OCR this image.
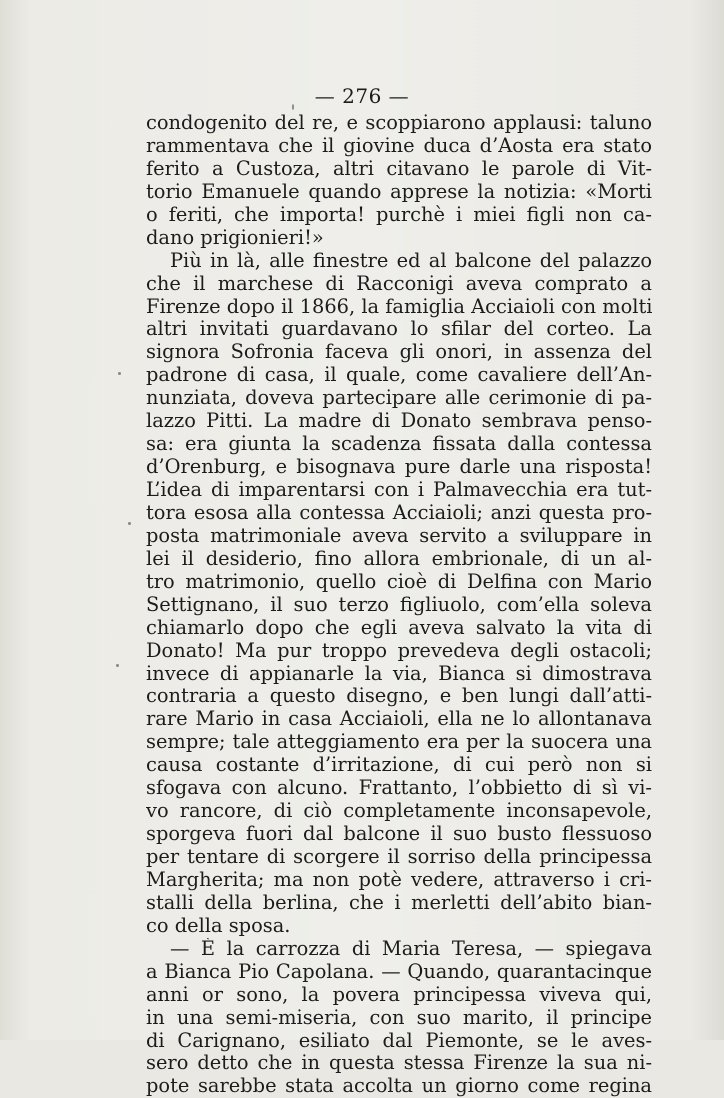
— 276 —
condogenito del re, e scoppiarono applausi: taluno
rammentava che il giovine duca d’Aosta era stato
ferito a Custoza, altri citavano le parole di Vit-
torio Emanuele quando apprese la notizia: «Morti
o feriti, che importa! purchè i miei figli non ca-
dano prigionieri!»
Più in là, alle finestre ed al balcone del palazzo
che il marchese di Racconigi aveva comprato a
Firenze dopo il 1866, la famiglia Acciaioli con molti
altri invitati guardavano lo sfilar del corteo. La
signora Sofronia faceva gli onori, in assenza del
padrone di casa, il quale, come cavaliere dell’An-
nunziata, doveva partecipare alle cerimonie di pa-
lazzo Pitti. La madre di Donato sembrava penso-
sa: era giunta la scadenza fissata dalla contessa
d’Orenburg, e bisognava pure darle una risposta!
L’idea di imparentarsi con i Palmavecchia era tut-
tora esosa alla contessa Acciaioli; anzi questa pro-
posta matrimoniale aveva servito a sviluppare in
lei il desiderio, fino allora embrionale, di un al-
tro matrimonio, quello cioè di Delfina con Mario
Settignano, il suo terzo figliuolo, com’ella soleva
chiamarlo dopo che egli aveva salvato la vita di
Donato! Ma pur troppo prevedeva degli ostacoli;
invece di appianarle la via, Bianca si dimostrava
contraria a questo disegno, e ben lungi dall’atti-
rare Mario in casa Acciaioli, ella ne lo allontanava
sempre; tale atteggiamento era per la suocera una
causa costante d’irritazione, di cui però non si
sfogava con alcuno. Frattanto, l’obbietto di sì vi-
vo rancore, di ciò completamente inconsapevole,
sporgeva fuori dal balcone il suo busto flessuoso
per tentare di scorgere il sorriso della principessa
Margherita; ma non potè vedere, attraverso i cri-
stalli della berlina, che i merletti dell’abito bian-
co della sposa.
— È la carrozza di Maria Teresa, — spiegava
a Bianca Pio Capolana. — Quando, quarantacinque
anni or sono, la povera principessa viveva qui,
in una semi-miseria, con suo marito, il principe
di Carignano, esiliato dal Piemonte, se le aves-
sero detto che in questa stessa Firenze la sua ni-
pote sarebbe stata accolta un giorno come regina
